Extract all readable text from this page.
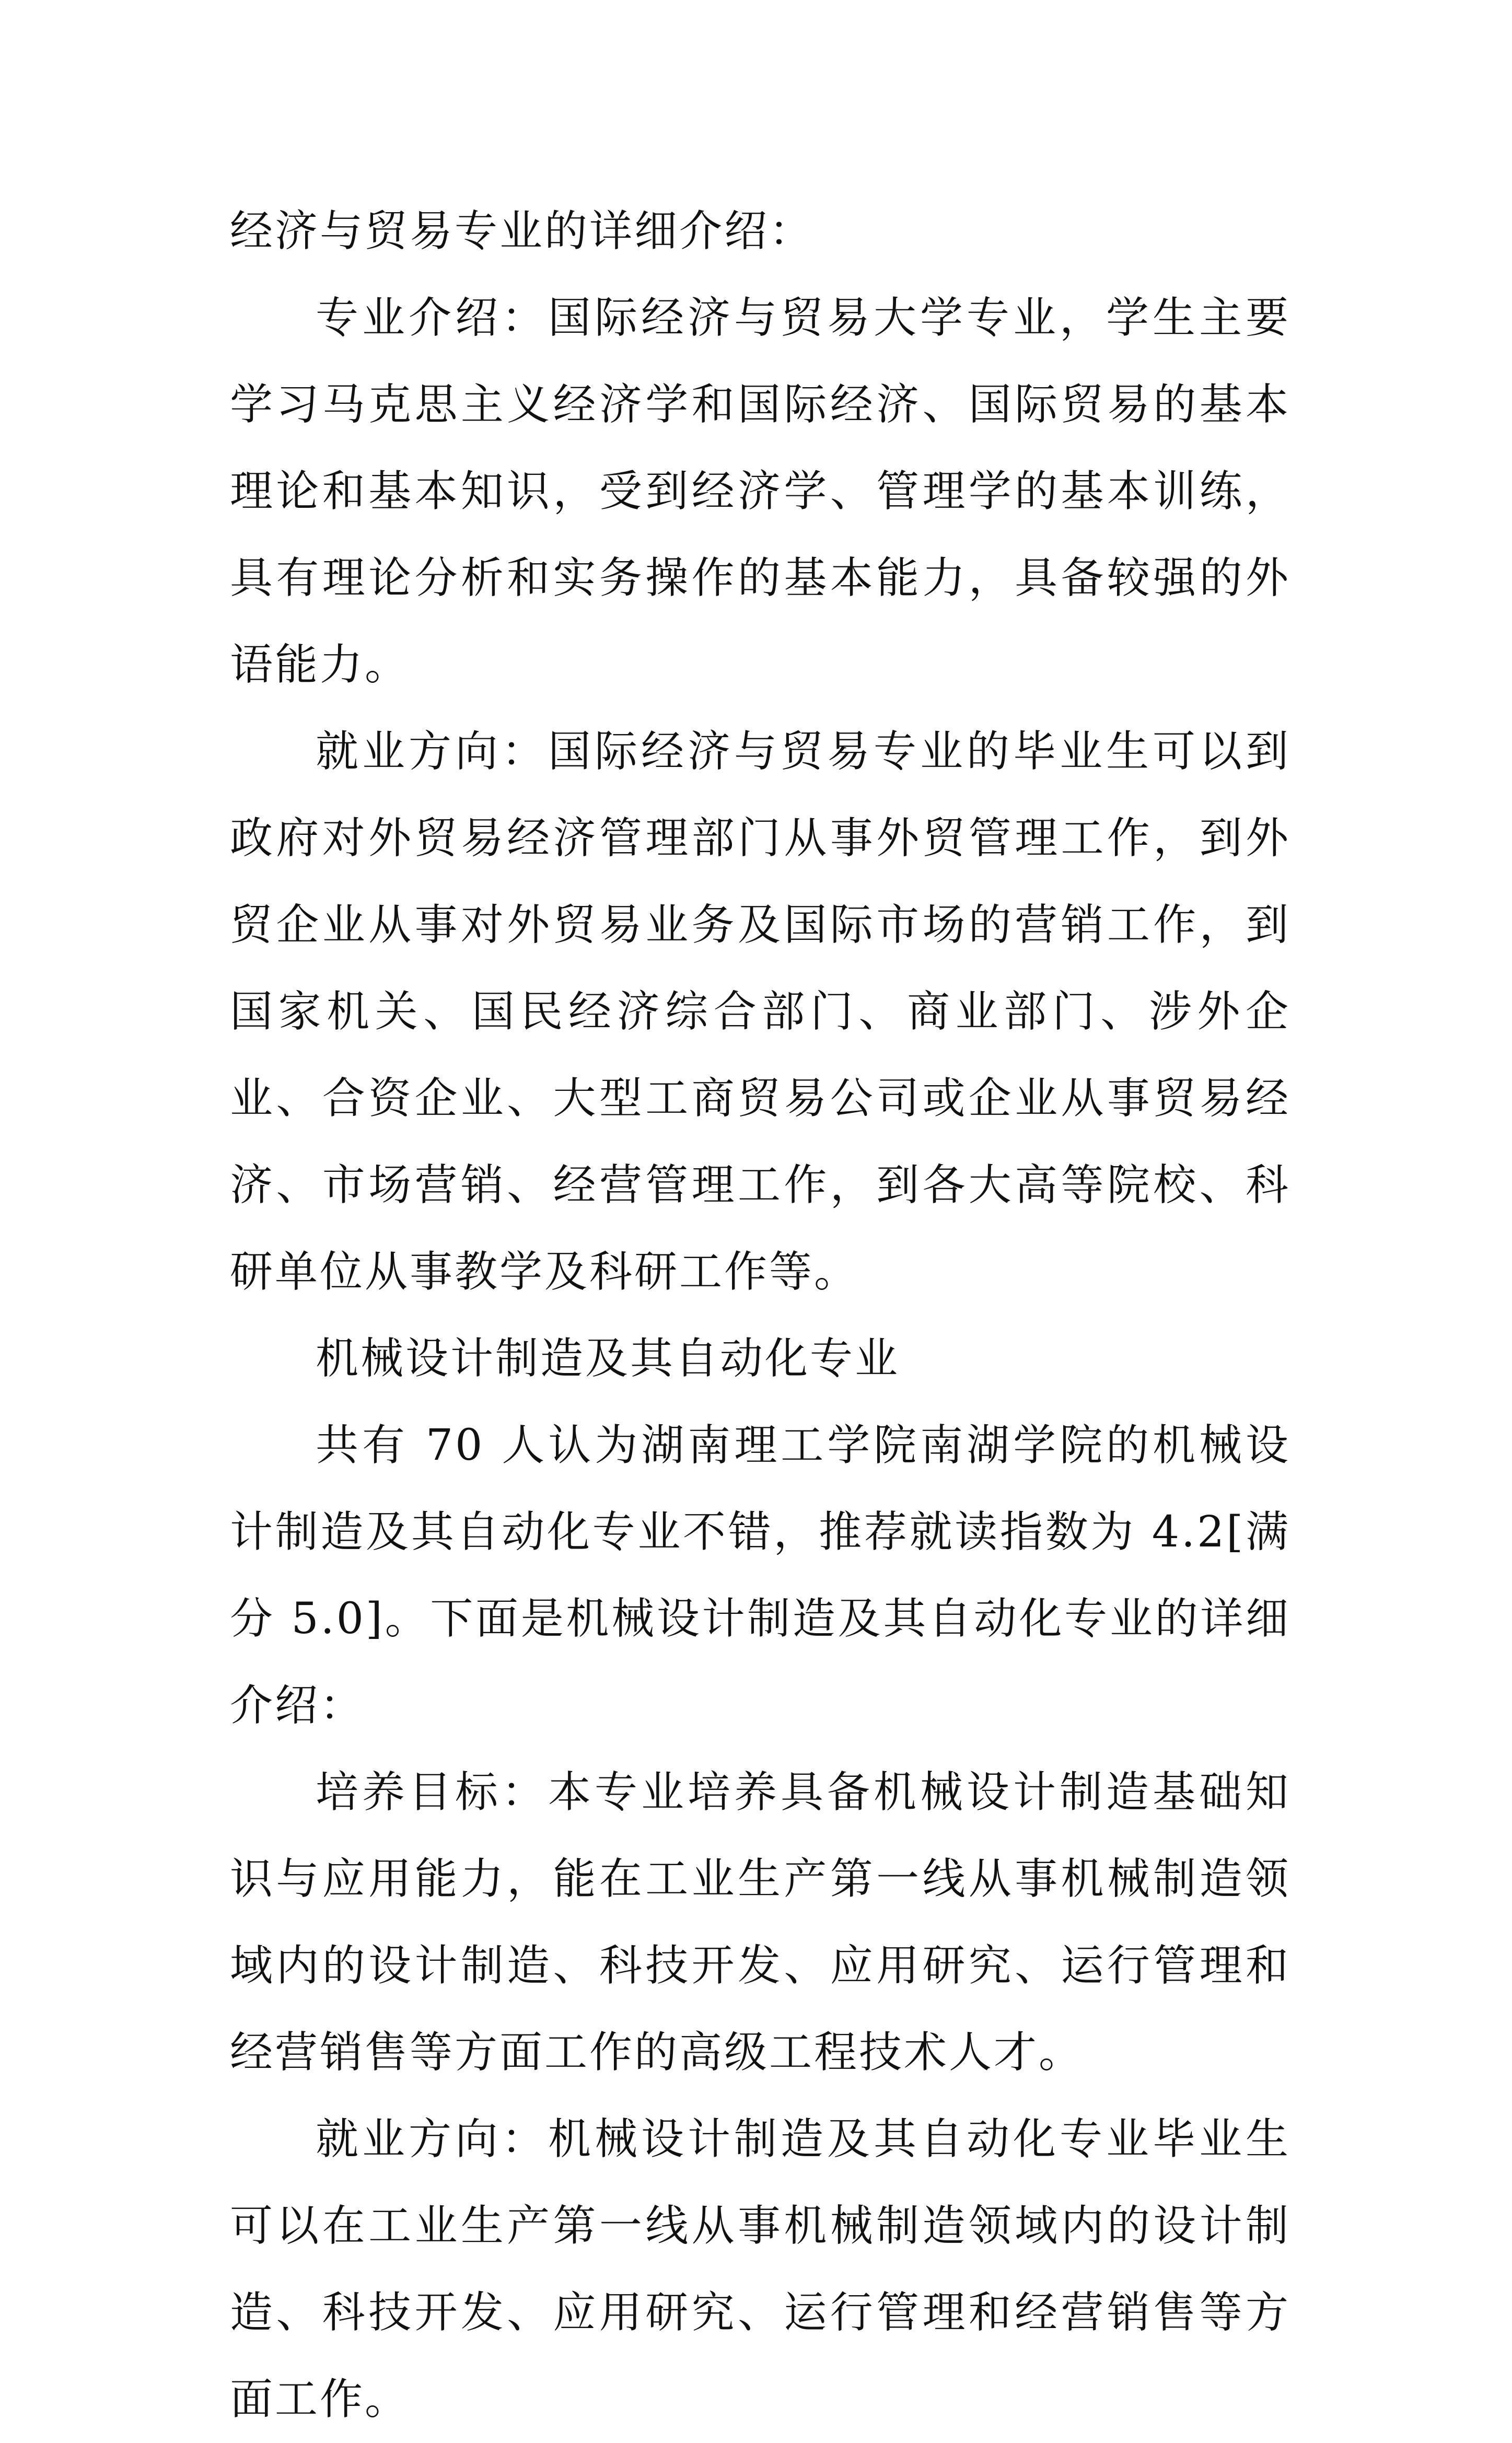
经济与贸易专业的详细介绍：

专业介绍：国际经济与贸易大学专业，学生主要学习马克思主义经济学和国际经济、国际贸易的基本理论和基本知识，受到经济学、管理学的基本训练，具有理论分析和实务操作的基本能力，具备较强的外语能力。

就业方向：国际经济与贸易专业的毕业生可以到政府对外贸易经济管理部门从事外贸管理工作，到外贸企业从事对外贸易业务及国际市场的营销工作，到国家机关、国民经济综合部门、商业部门、涉外企业、合资企业、大型工商贸易公司或企业从事贸易经济、市场营销、经营管理工作，到各大高等院校、科研单位从事教学及科研工作等。

机械设计制造及其自动化专业

共有 70 人认为湖南理工学院南湖学院的机械设计制造及其自动化专业不错，推荐就读指数为 4.2[满分 5.0]。下面是机械设计制造及其自动化专业的详细介绍：

培养目标：本专业培养具备机械设计制造基础知识与应用能力，能在工业生产第一线从事机械制造领域内的设计制造、科技开发、应用研究、运行管理和经营销售等方面工作的高级工程技术人才。

就业方向：机械设计制造及其自动化专业毕业生可以在工业生产第一线从事机械制造领域内的设计制造、科技开发、应用研究、运行管理和经营销售等方面工作。
